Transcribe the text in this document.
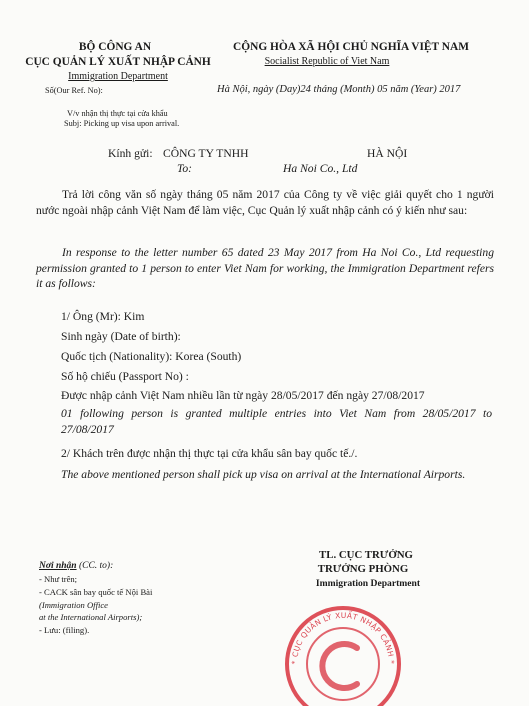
BỘ CÔNG AN
CỤC QUẢN LÝ XUẤT NHẬP CẢNH
Immigration Department
Số(Our Ref. No):
V/v nhận thị thực tại cửa khẩu
Subj: Picking up visa upon arrival.
CỘNG HÒA XÃ HỘI CHỦ NGHĨA VIỆT NAM
Socialist Republic of Viet Nam
Hà Nội, ngày (Day)24 tháng (Month) 05 năm (Year) 2017
Kính gửi: CÔNG TY TNHH	HÀ NỘI
To:	Ha Noi Co., Ltd
Trả lời công văn số ngày tháng 05 năm 2017 của Công ty về việc giải quyết cho 1 người nước ngoài nhập cảnh Việt Nam để làm việc, Cục Quản lý xuất nhập cảnh có ý kiến như sau:
In response to the letter number 65 dated 23 May 2017 from Ha Noi Co., Ltd requesting permission granted to 1 person to enter Viet Nam for working, the Immigration Department refers it as follows:
1/ Ông (Mr): Kim
Sinh ngày (Date of birth):
Quốc tịch (Nationality): Korea (South)
Số hộ chiếu (Passport No) :
Được nhập cảnh Việt Nam nhiều lần từ ngày 28/05/2017 đến ngày 27/08/2017
01 following person is granted multiple entries into Viet Nam from 28/05/2017 to 27/08/2017
2/ Khách trên được nhận thị thực tại cửa khẩu sân bay quốc tế./.
The above mentioned person shall pick up visa on arrival at the International Airports.
Nơi nhận (CC. to):
- Như trên;
- CACK sân bay quốc tế Nội Bài
(Immigration Office
at the International Airports);
- Lưu: (filing).
TL. CỤC TRƯỞNG
TRƯỞNG PHÒNG
Immigration Department
* CỤC QUẢN LÝ XUẤT NHẬP CẢNH *
